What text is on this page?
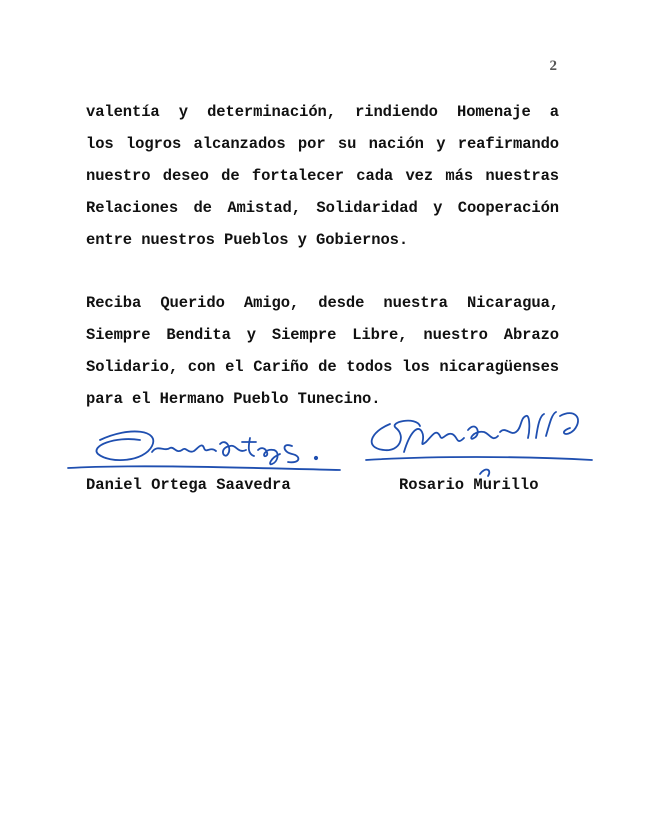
2
valentía y determinación, rindiendo Homenaje a
los logros alcanzados por su nación y reafirmando
nuestro deseo de fortalecer cada vez más nuestras
Relaciones de Amistad, Solidaridad y Cooperación
entre nuestros Pueblos y Gobiernos.
Reciba Querido Amigo, desde nuestra Nicaragua,
Siempre Bendita y Siempre Libre, nuestro Abrazo
Solidario, con el Cariño de todos los nicaragüenses
para el Hermano Pueblo Tunecino.
Daniel Ortega Saavedra	Rosario Murillo
